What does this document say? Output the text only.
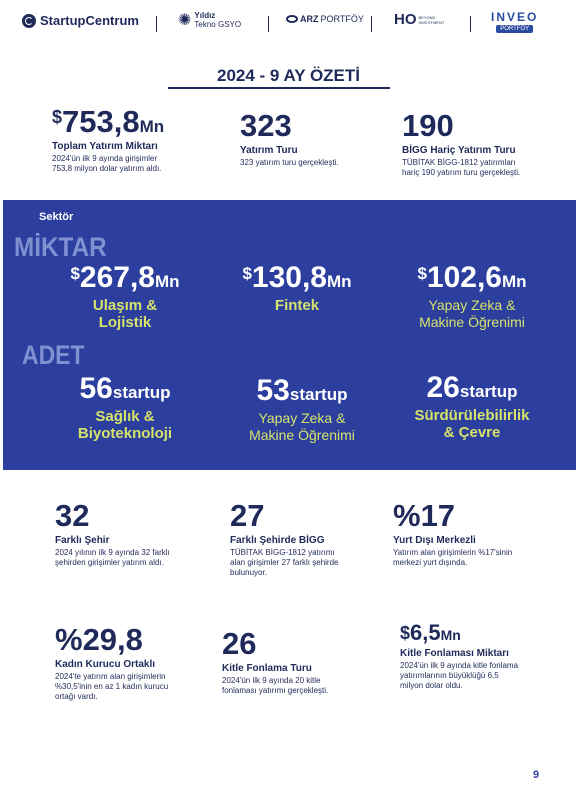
StartupCentrum ✺ Yıldız
Tekno GSYO
ARZ PORTFÖY HO BEYOND
INVESTMENT	INVEO
PORTFÖY
2024 - 9 AY ÖZETİ
$753,8Mn
Toplam Yatırım Miktarı
2024'ün ilk 9 ayında girişimler
753,8 milyon dolar yatırım aldı.
323
Yatırım Turu
323 yatırım turu gerçekleşti.
190
BİGG Hariç Yatırım Turu
TÜBİTAK BİGG-1812 yatırımları
hariç 190 yatırım turu gerçekleşti.
Sektör
MİKTAR
ADET
$267,8Mn
Ulaşım &
Lojistik
$130,8Mn
Fintek
$102,6Mn
Yapay Zeka &
Makine Öğrenimi
56startup
Sağlık &
Biyoteknoloji
53startup
Yapay Zeka &
Makine Öğrenimi
26startup
Sürdürülebilirlik
& Çevre
32
Farklı Şehir
2024 yılının ilk 9 ayında 32 farklı
şehirden girişimler yatırım aldı.
27
Farklı Şehirde BİGG
TÜBİTAK BİGG-1812 yatırımı
alan girişimler 27 farklı şehirde
bulunuyor.
%17
Yurt Dışı Merkezli
Yatırım alan girişimlerin %17'sinin
merkezi yurt dışında.
%29,8
Kadın Kurucu Ortaklı
2024'te yatırım alan girişimlerin
%30,5'inin en az 1 kadın kurucu
ortağı vardı.
26
Kitle Fonlama Turu
2024'ün ilk 9 ayında 20 kitle
fonlaması yatırımı gerçekleşti.
$6,5Mn
Kitle Fonlaması Miktarı
2024'ün ilk 9 ayında kitle fonlama
yatırımlarının büyüklüğü 6,5
milyon dolar oldu.
9
